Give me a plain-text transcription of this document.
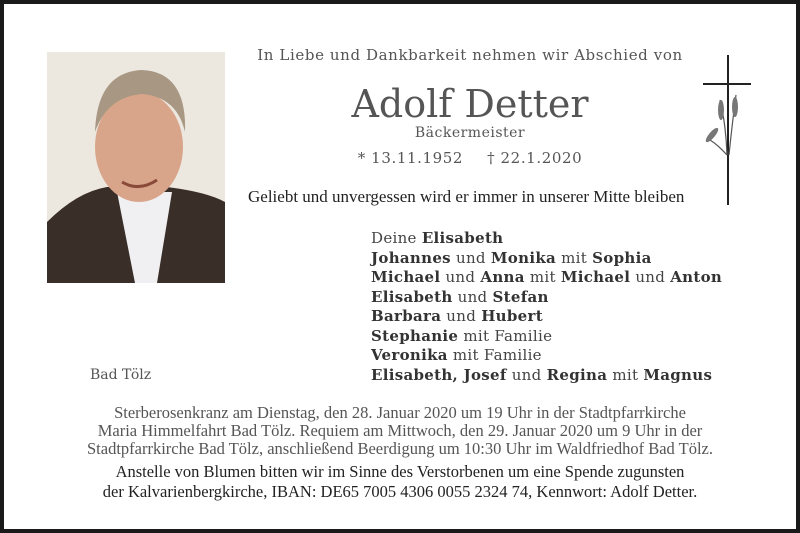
In Liebe und Dankbarkeit nehmen wir Abschied von
Adolf Detter
Bäckermeister
* 13.11.1952 † 22.1.2020
Geliebt und unvergessen wird er immer in unserer Mitte bleiben
Deine Elisabeth
Johannes und Monika mit Sophia
Michael und Anna mit Michael und Anton
Elisabeth und Stefan
Barbara und Hubert
Stephanie mit Familie
Veronika mit Familie
Elisabeth, Josef und Regina mit Magnus
Bad Tölz
Sterberosenkranz am Dienstag, den 28. Januar 2020 um 19 Uhr in der Stadtpfarrkirche
Maria Himmelfahrt Bad Tölz. Requiem am Mittwoch, den 29. Januar 2020 um 9 Uhr in der
Stadtpfarrkirche Bad Tölz, anschließend Beerdigung um 10:30 Uhr im Waldfriedhof Bad Tölz.
Anstelle von Blumen bitten wir im Sinne des Verstorbenen um eine Spende zugunsten
der Kalvarienbergkirche, IBAN: DE65 7005 4306 0055 2324 74, Kennwort: Adolf Detter.
